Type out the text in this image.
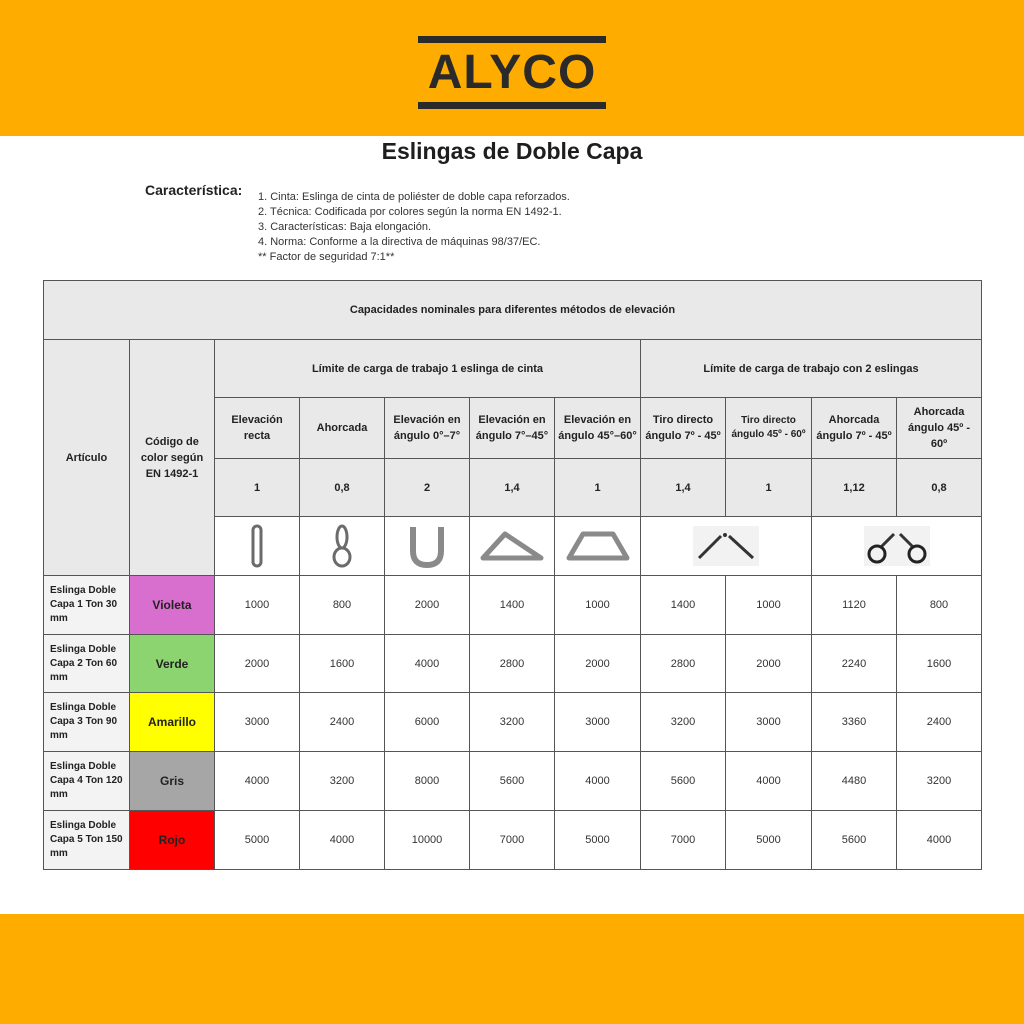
ALYCO
Eslingas de Doble Capa
Característica: 1. Cinta: Eslinga de cinta de poliéster de doble capa reforzados.
2. Técnica: Codificada por colores según la norma EN 1492-1.
3. Características: Baja elongación.
4. Norma: Conforme a la directiva de máquinas 98/37/EC.
** Factor de seguridad 7:1**
Capacidades nominales para diferentes métodos de elevación										
Artículo	Código de color según EN 1492-1	Límite de carga de trabajo 1 eslinga de cinta					Límite de carga de trabajo con 2 eslingas			
		Elevación recta	Ahorcada	Elevación en ángulo 0°–7°	Elevación en ángulo 7°–45°	Elevación en ángulo 45°–60°	Tiro directo ángulo 7º - 45º	Tiro directo ángulo 45º - 60º	Ahorcada ángulo 7º - 45º	Ahorcada ángulo 45º - 60º
		1	0,8	2	1,4	1	1,4	1	1,12	0,8

Eslinga Doble Capa 1 Ton 30 mm	Violeta	1000	800	2000	1400	1000	1400	1000	1120	800
Eslinga Doble Capa 2 Ton 60 mm	Verde	2000	1600	4000	2800	2000	2800	2000	2240	1600
Eslinga Doble Capa 3 Ton 90 mm	Amarillo	3000	2400	6000	3200	3000	3200	3000	3360	2400
Eslinga Doble Capa 4 Ton 120 mm	Gris	4000	3200	8000	5600	4000	5600	4000	4480	3200
Eslinga Doble Capa 5 Ton 150 mm	Rojo	5000	4000	10000	7000	5000	7000	5000	5600	4000
